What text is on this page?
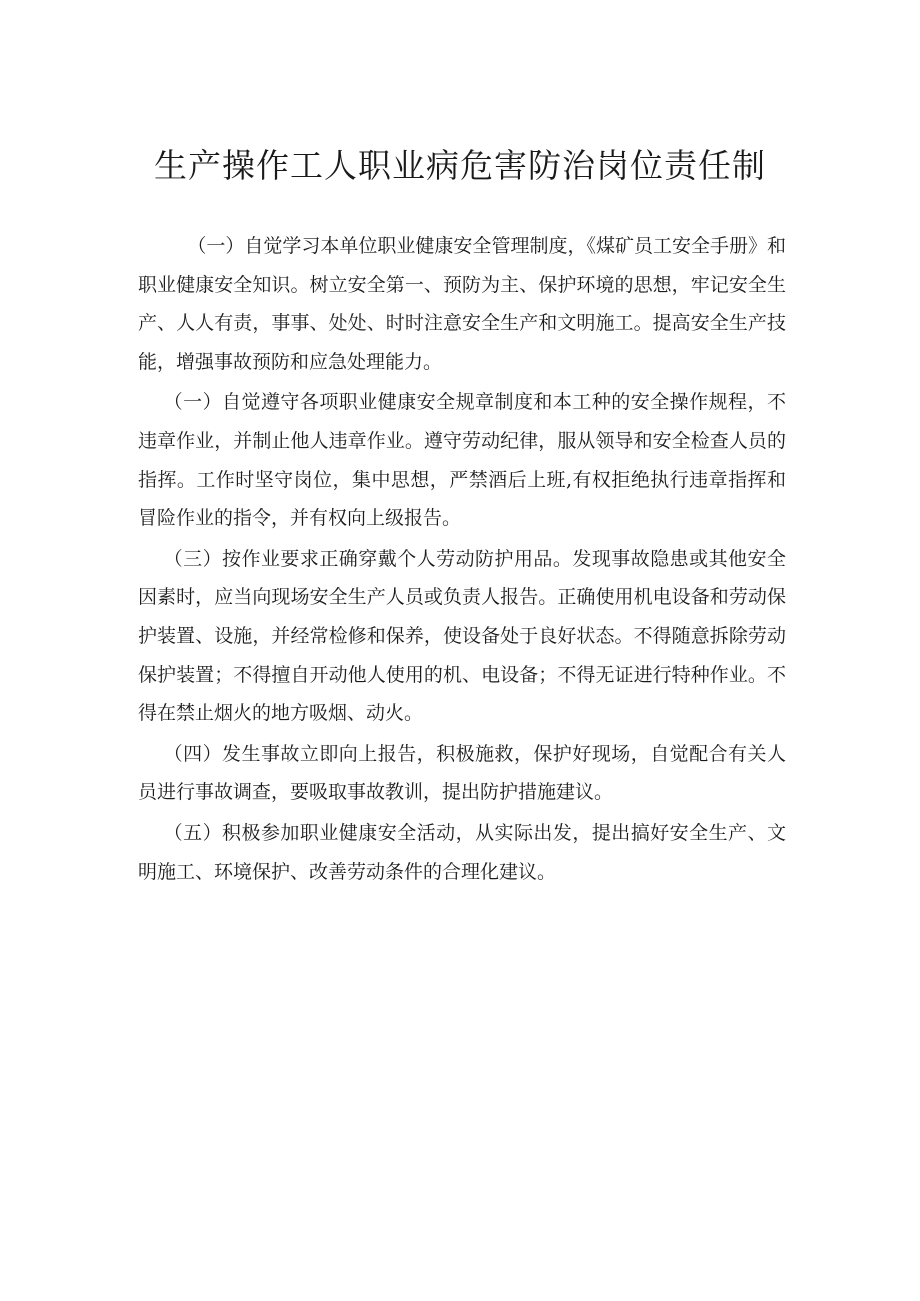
生产操作工人职业病危害防治岗位责任制

（一）自觉学习本单位职业健康安全管理制度，《煤矿员工安全手册》和职业健康安全知识。树立安全第一、预防为主、保护环境的思想，牢记安全生产、人人有责，事事、处处、时时注意安全生产和文明施工。提高安全生产技能，增强事故预防和应急处理能力。

（一）自觉遵守各项职业健康安全规章制度和本工种的安全操作规程，不违章作业，并制止他人违章作业。遵守劳动纪律，服从领导和安全检查人员的指挥。工作时坚守岗位，集中思想，严禁酒后上班,有权拒绝执行违章指挥和冒险作业的指令，并有权向上级报告。

（三）按作业要求正确穿戴个人劳动防护用品。发现事故隐患或其他安全因素时，应当向现场安全生产人员或负责人报告。正确使用机电设备和劳动保护装置、设施，并经常检修和保养，使设备处于良好状态。不得随意拆除劳动保护装置；不得擅自开动他人使用的机、电设备；不得无证进行特种作业。不得在禁止烟火的地方吸烟、动火。

（四）发生事故立即向上报告，积极施救，保护好现场，自觉配合有关人员进行事故调查，要吸取事故教训，提出防护措施建议。

（五）积极参加职业健康安全活动，从实际出发，提出搞好安全生产、文明施工、环境保护、改善劳动条件的合理化建议。
